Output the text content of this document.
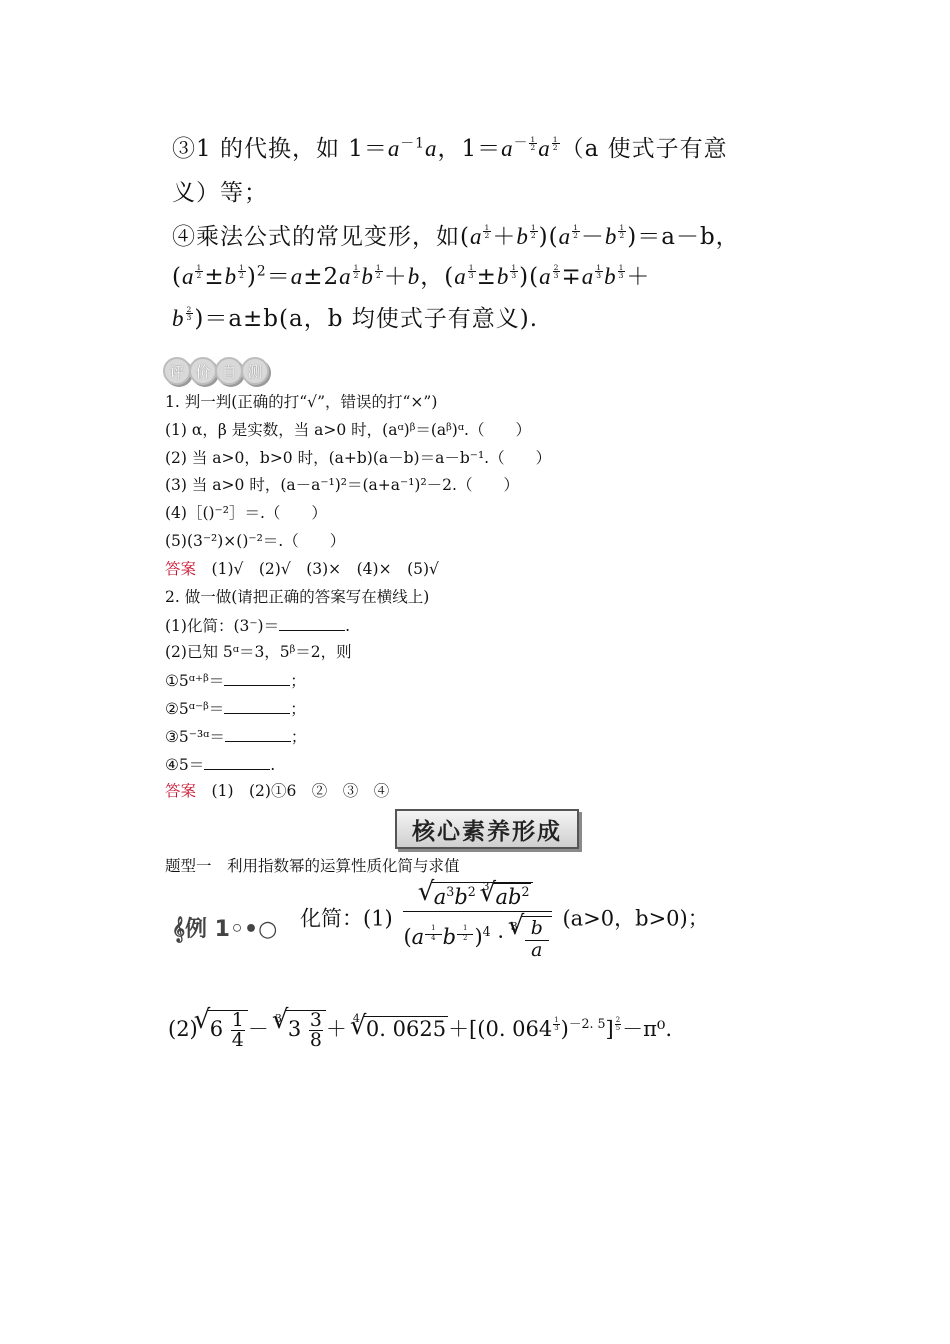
③1 的代换，如 $1=a^{-1}a$，$1=a^{- \frac{1}{2}}$ a $^{\frac{1}{2}}$ （a 使式子有意
义）等；
④乘法公式的常见变形，如(a $^{\frac{1}{2}}$ ＋b $^{\frac{1}{2}}$ )(a $^{\frac{1}{2}}$ －b $^{\frac{1}{2}}$ )＝a－b，
(a $^{\frac{1}{2}}$ ±b $^{\frac{1}{2}}$ )$^2$＝a±2a $^{\frac{1}{2}}$ b $^{\frac{1}{2}}$ ＋b，(a $^{\frac{1}{3}}$ ±b $^{\frac{1}{3}}$ )(a $^{\frac{2}{3}}$ ∓a $^{\frac{1}{3}}$ b $^{\frac{1}{3}}$ ＋
b $^{\frac{2}{3}}$ )＝a±b(a，b 均使式子有意义).
评 价 自 测
1. 判一判(正确的打“√”，错误的打“×”)
(1) α，β 是实数，当 a>0 时，(aᵅ)ᵝ＝(aᵝ)ᵅ.（　　）
(2) 当 a>0，b>0 时，(a+b)(a－b)＝a－b⁻¹.（　　）
(3) 当 a>0 时，(a－a⁻¹)²＝(a+a⁻¹)²－2.（　　）
(4)［()⁻²］＝.（　　）
(5)(3⁻²)×()⁻²＝.（　　）
答案　 (1)√　(2)√　(3)×　(4)×　(5)√
2. 做一做(请把正确的答案写在横线上)
(1)化简：(3⁻)＝	.
(2)已知 5ᵅ＝3，5ᵝ＝2，则
①5ᵅ⁺ᵝ＝	；
②5ᵅ⁻ᵝ＝	；
③5⁻³ᵅ＝	；
④5＝	.
答案　 (1)　(2)①6　②　③　④
核心素养形成
题型一　利用指数幂的运算性质化简与求值
𝄞例 1◦•○ 化简：(1)
√ $a^3b^2$ $^3$√ $ab^2$
(a $^{\frac{1}{4}}$ b $^{\frac{1}{2}}$ )$^4$ · $^3$
√ $\frac{b}{a} (a>0$，b>0)；
(2)√ $6 \frac{1}{4} - ^3√$ $3 \frac{3}{8} + ^4√$ 0. 0625＋[(0. 064 $^{\frac{1}{3}}$ )$^{-2. 5}$] $^{\frac{2}{5}}$ －π⁰.
